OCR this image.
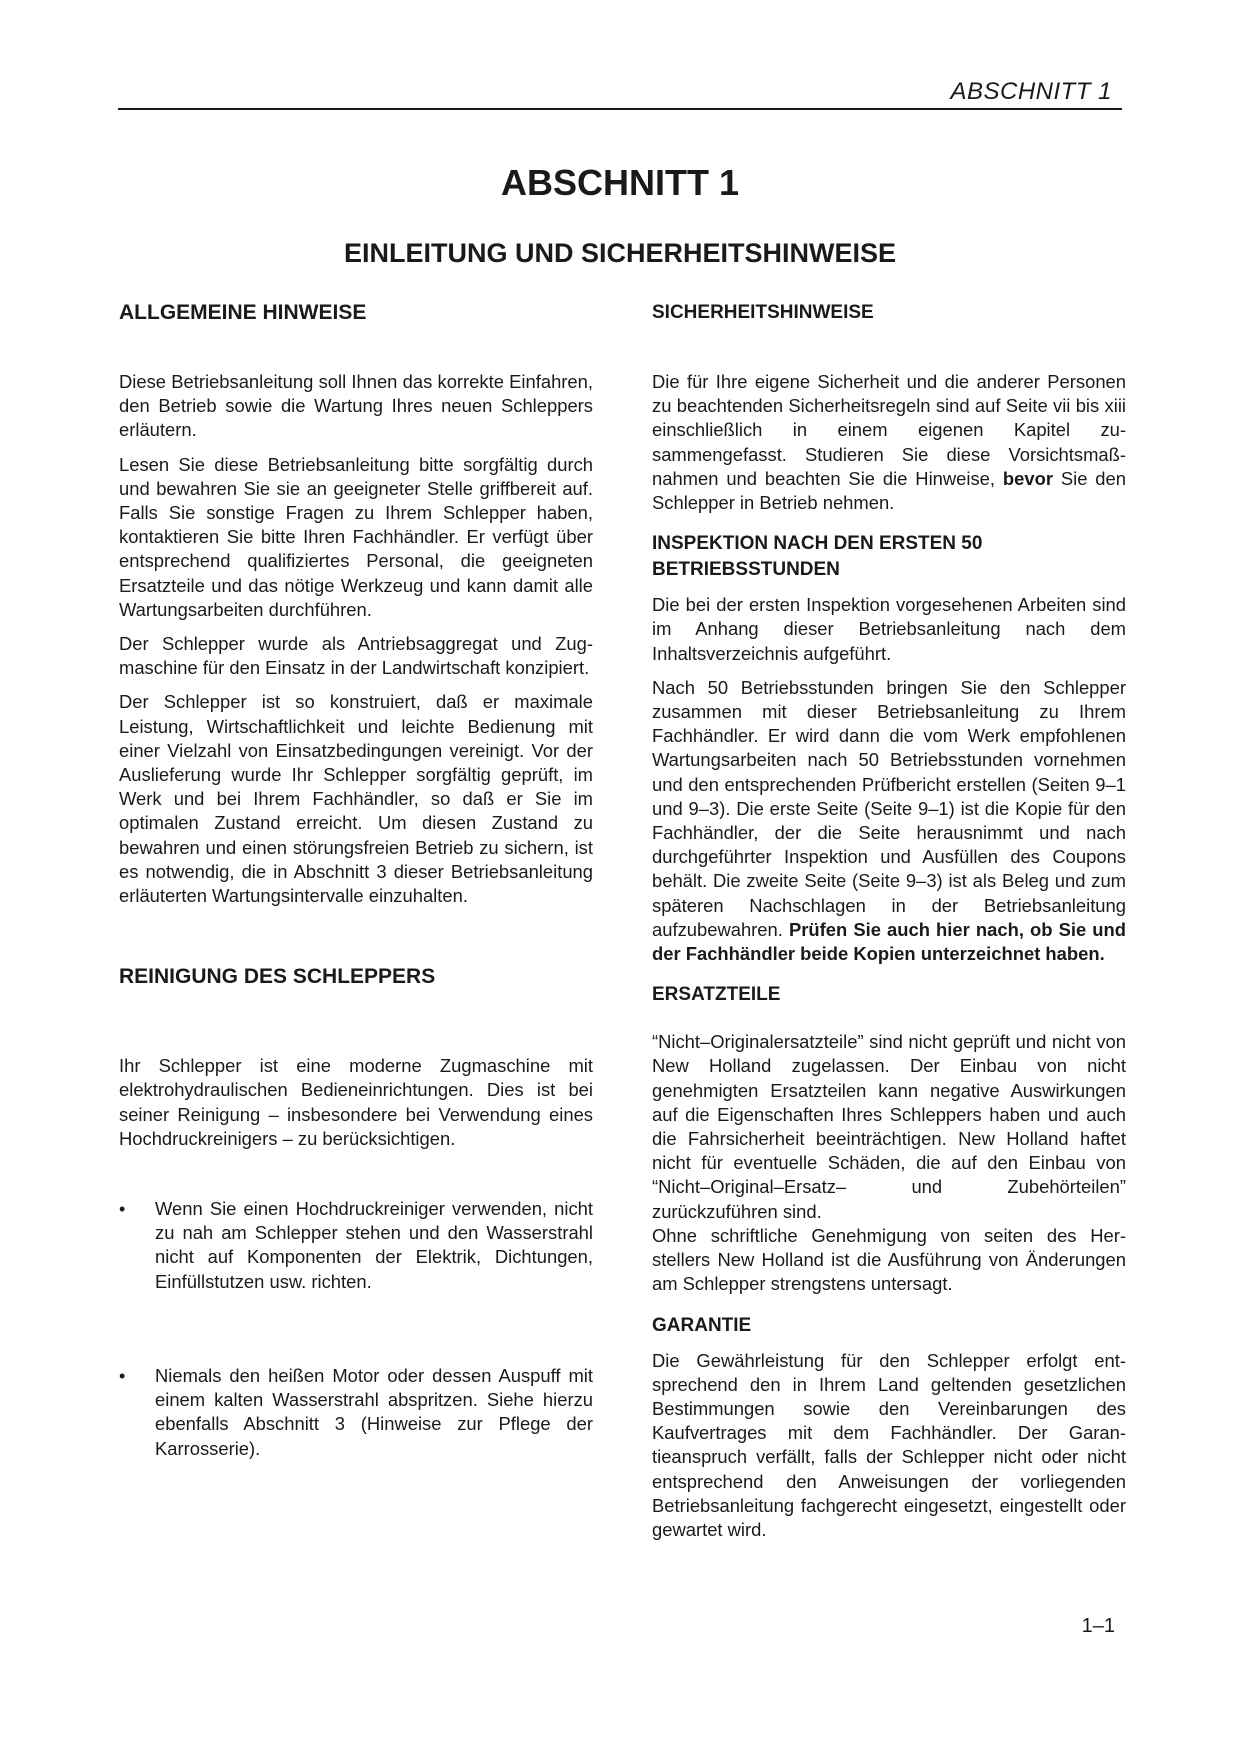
ABSCHNITT 1
ABSCHNITT 1
EINLEITUNG UND SICHERHEITSHINWEISE
ALLGEMEINE HINWEISE

Diese Betriebsanleitung soll Ihnen das korrekte Einfahren, den Betrieb sowie die Wartung Ihres neuen Schleppers erläutern.

Lesen Sie diese Betriebsanleitung bitte sorgfältig durch und bewahren Sie sie an geeigneter Stelle griffbereit auf. Falls Sie sonstige Fragen zu Ihrem Schlepper haben, kontaktieren Sie bitte Ihren Fachhändler. Er verfügt über entsprechend qualifiziertes Personal, die geeigneten Ersatzteile und das nötige Werkzeug und kann damit alle Wartungsarbeiten durchführen.

Der Schlepper wurde als Antriebsaggregat und Zugmaschine für den Einsatz in der Landwirtschaft konzipiert.

Der Schlepper ist so konstruiert, daß er maximale Leistung, Wirtschaftlichkeit und leichte Bedienung mit einer Vielzahl von Einsatzbedingungen vereinigt. Vor der Auslieferung wurde Ihr Schlepper sorgfältig geprüft, im Werk und bei Ihrem Fachhändler, so daß er Sie im optimalen Zustand erreicht. Um diesen Zustand zu bewahren und einen störungsfreien Betrieb zu sichern, ist es notwendig, die in Abschnitt 3 dieser Betriebsanleitung erläuterten Wartungsintervalle einzuhalten.

REINIGUNG DES SCHLEPPERS

Ihr Schlepper ist eine moderne Zugmaschine mit elektrohydraulischen Bedieneinrichtungen. Dies ist bei seiner Reinigung – insbesondere bei Verwendung eines Hochdruckreinigers – zu berücksichtigen.

• Wenn Sie einen Hochdruckreiniger verwenden, nicht zu nah am Schlepper stehen und den Wasserstrahl nicht auf Komponenten der Elektrik, Dichtungen, Einfüllstutzen usw. richten.

• Niemals den heißen Motor oder dessen Auspuff mit einem kalten Wasserstrahl abspritzen. Siehe hierzu ebenfalls Abschnitt 3 (Hinweise zur Pflege der Karrosserie).

SICHERHEITSHINWEISE

Die für Ihre eigene Sicherheit und die anderer Personen zu beachtenden Sicherheitsregeln sind auf Seite vii bis xiii einschließlich in einem eigenen Kapitel zusammengefasst. Studieren Sie diese Vorsichtsmaßnahmen und beachten Sie die Hinweise, bevor Sie den Schlepper in Betrieb nehmen.

INSPEKTION NACH DEN ERSTEN 50
BETRIEBSSTUNDEN

Die bei der ersten Inspektion vorgesehenen Arbeiten sind im Anhang dieser Betriebsanleitung nach dem Inhaltsverzeichnis aufgeführt.

Nach 50 Betriebsstunden bringen Sie den Schlepper zusammen mit dieser Betriebsanleitung zu Ihrem Fachhändler. Er wird dann die vom Werk empfohlenen Wartungsarbeiten nach 50 Betriebsstunden vornehmen und den entsprechenden Prüfbericht erstellen (Seiten 9–1 und 9–3). Die erste Seite (Seite 9–1) ist die Kopie für den Fachhändler, der die Seite herausnimmt und nach durchgeführter Inspektion und Ausfüllen des Coupons behält. Die zweite Seite (Seite 9–3) ist als Beleg und zum späteren Nachschlagen in der Betriebsanleitung aufzubewahren. Prüfen Sie auch hier nach, ob Sie und der Fachhändler beide Kopien unterzeichnet haben.

ERSATZTEILE

“Nicht–Originalersatzteile” sind nicht geprüft und nicht von New Holland zugelassen. Der Einbau von nicht genehmigten Ersatzteilen kann negative Auswirkungen auf die Eigenschaften Ihres Schleppers haben und auch die Fahrsicherheit beeinträchtigen. New Holland haftet nicht für eventuelle Schäden, die auf den Einbau von “Nicht–Original–Ersatz– und Zubehörteilen” zurückzuführen sind.

Ohne schriftliche Genehmigung von seiten des Herstellers New Holland ist die Ausführung von Änderungen am Schlepper strengstens untersagt.

GARANTIE

Die Gewährleistung für den Schlepper erfolgt entsprechend den in Ihrem Land geltenden gesetzlichen Bestimmungen sowie den Vereinbarungen des Kaufvertrages mit dem Fachhändler. Der Garantieanspruch verfällt, falls der Schlepper nicht oder nicht entsprechend den Anweisungen der vorliegenden Betriebsanleitung fachgerecht eingesetzt, eingestellt oder gewartet wird.

1–1
